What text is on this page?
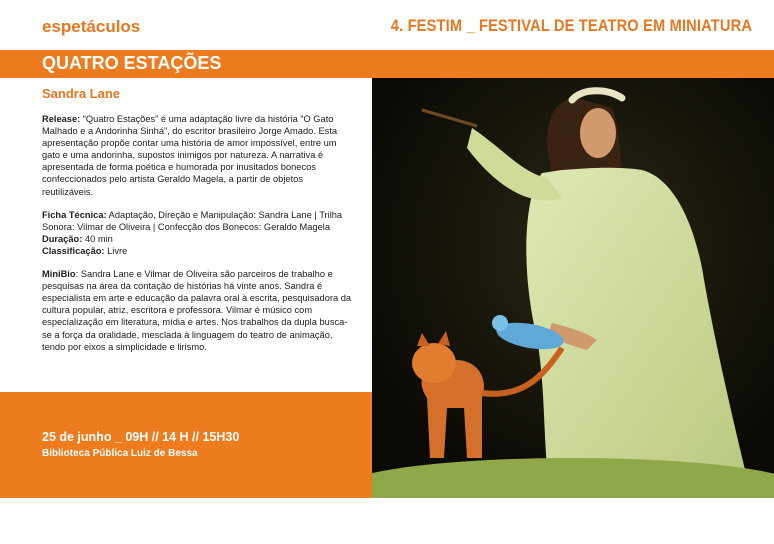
espetáculos	4. FESTIM _ FESTIVAL DE TEATRO EM MINIATURA
QUATRO ESTAÇÕES
Sandra Lane

Release: “Quatro Estações” é uma adaptação livre da história “O Gato Malhado e a Andorinha Sinhá”, do escritor brasileiro Jorge Amado. Esta apresentação propõe contar uma história de amor impossível, entre um gato e uma andorinha, supostos inimigos por natureza. A narrativa é apresentada de forma poética e humorada por inusitados bonecos confeccionados pelo artista Geraldo Magela, a partir de objetos reutilizáveis.

Ficha Técnica: Adaptação, Direção e Manipulação: Sandra Lane | Trilha Sonora: Vilmar de Oliveira | Confecção dos Bonecos: Geraldo Magela

Duração: 40 min

Classificação: Livre

MiniBio: Sandra Lane e Vilmar de Oliveira são parceiros de trabalho e pesquisas na área da contação de histórias há vinte anos. Sandra é especialista em arte e educação da palavra oral à escrita, pesquisadora da cultura popular, atriz, escritora e professora. Vilmar é músico com especialização em literatura, mídia e artes. Nos trabalhos da dupla busca-se a força da oralidade, mesclada à linguagem do teatro de animação, tendo por eixos a simplicidade e lirismo.

25 de junho _ 09H // 14 H // 15H30
Biblioteca Pública Luiz de Bessa
